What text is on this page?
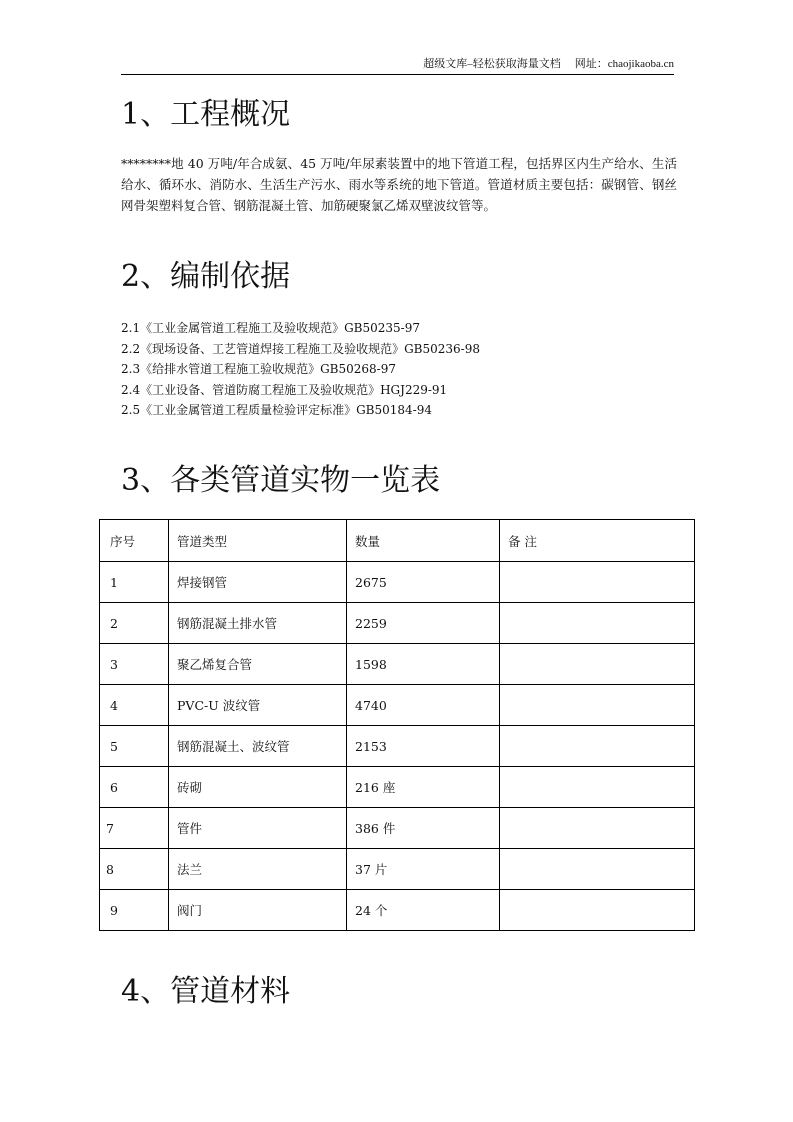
超级文库–轻松获取海量文档 网址：chaojikaoba.cn
1、工程概况

********地 40 万吨/年合成氨、45 万吨/年尿素装置中的地下管道工程，包括界区内生产给水、生活给水、循环水、消防水、生活生产污水、雨水等系统的地下管道。管道材质主要包括：碳钢管、钢丝网骨架塑料复合管、钢筋混凝土管、加筋硬聚氯乙烯双壁波纹管等。

2、编制依据
2.1《工业金属管道工程施工及验收规范》GB50235-97
2.2《现场设备、工艺管道焊接工程施工及验收规范》GB50236-98
2.3《给排水管道工程施工验收规范》GB50268-97
2.4《工业设备、管道防腐工程施工及验收规范》HGJ229-91
2.5《工业金属管道工程质量检验评定标准》GB50184-94
3、各类管道实物一览表
序号	管道类型	数量	备 注
1	焊接钢管	2675	
2	钢筋混凝土排水管	2259	
3	聚乙烯复合管	1598	
4	PVC-U 波纹管	4740	
5	钢筋混凝土、波纹管	2153	
6	砖砌	216 座	
7	管件	386 件	
8	法兰	37 片	
9	阀门	24 个	
4、管道材料
